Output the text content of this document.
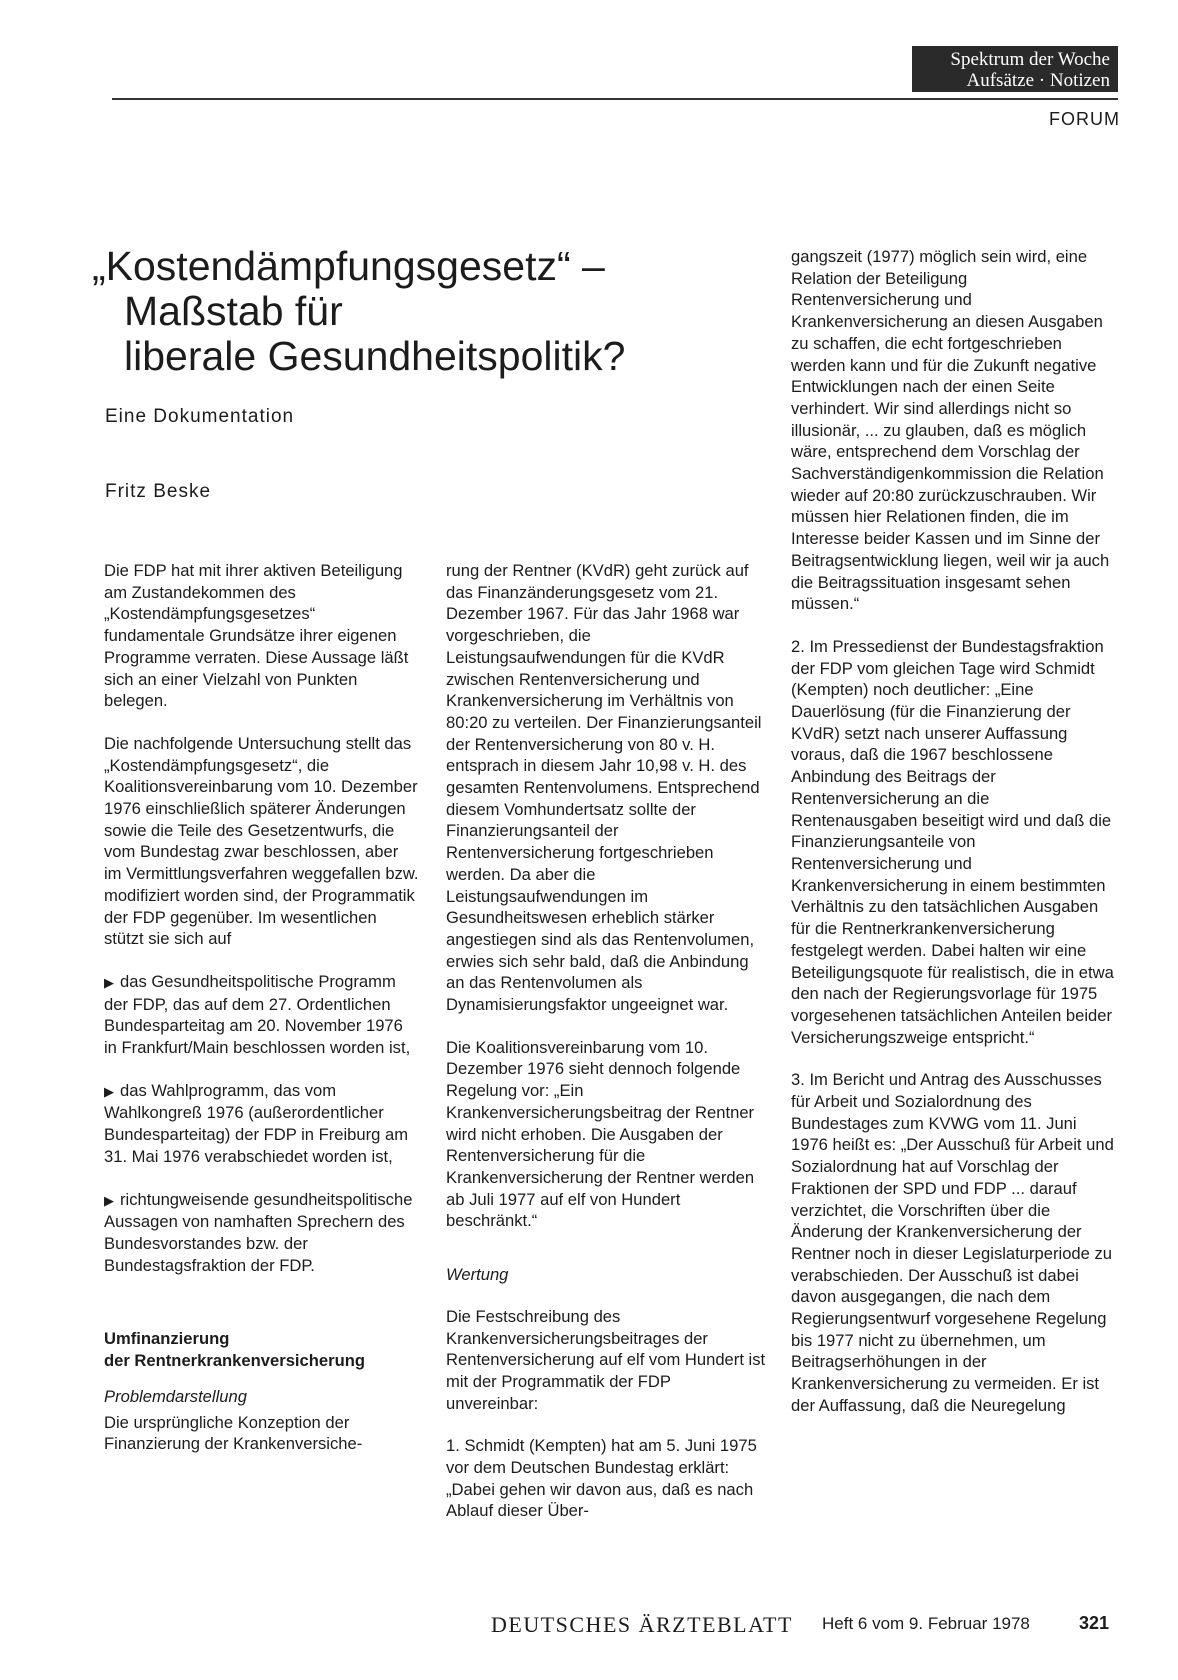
Spektrum der Woche
Aufsätze · Notizen
FORUM
„Kostendämpfungsgesetz“ –
Maßstab für
liberale Gesundheitspolitik?
Eine Dokumentation
Fritz Beske

Die FDP hat mit ihrer aktiven Beteiligung am Zustandekommen des „Kostendämpfungsgesetzes“ fundamentale Grundsätze ihrer eigenen Programme verraten. Diese Aussage läßt sich an einer Vielzahl von Punkten belegen.

Die nachfolgende Untersuchung stellt das „Kostendämpfungsgesetz“, die Koalitionsvereinbarung vom 10. Dezember 1976 einschließlich späterer Änderungen sowie die Teile des Gesetzentwurfs, die vom Bundestag zwar beschlossen, aber im Vermittlungsverfahren weggefallen bzw. modifiziert worden sind, der Programmatik der FDP gegenüber. Im wesentlichen stützt sie sich auf

▶ das Gesundheitspolitische Programm der FDP, das auf dem 27. Ordentlichen Bundesparteitag am 20. November 1976 in Frankfurt/Main beschlossen worden ist,

▶ das Wahlprogramm, das vom Wahlkongreß 1976 (außerordentlicher Bundesparteitag) der FDP in Freiburg am 31. Mai 1976 verabschiedet worden ist,

▶ richtungweisende gesundheitspolitische Aussagen von namhaften Sprechern des Bundesvorstandes bzw. der Bundestagsfraktion der FDP.

Umfinanzierung
der Rentnerkrankenversicherung
Problemdarstellung

Die ursprüngliche Konzeption der Finanzierung der Krankenversiche-

rung der Rentner (KVdR) geht zurück auf das Finanzänderungsgesetz vom 21. Dezember 1967. Für das Jahr 1968 war vorgeschrieben, die Leistungsaufwendungen für die KVdR zwischen Rentenversicherung und Krankenversicherung im Verhältnis von 80:20 zu verteilen. Der Finanzierungsanteil der Rentenversicherung von 80 v. H. entsprach in diesem Jahr 10,98 v. H. des gesamten Rentenvolumens. Entsprechend diesem Vomhundertsatz sollte der Finanzierungsanteil der Rentenversicherung fortgeschrieben werden. Da aber die Leistungsaufwendungen im Gesundheitswesen erheblich stärker angestiegen sind als das Rentenvolumen, erwies sich sehr bald, daß die Anbindung an das Rentenvolumen als Dynamisierungsfaktor ungeeignet war.

Die Koalitionsvereinbarung vom 10. Dezember 1976 sieht dennoch folgende Regelung vor: „Ein Krankenversicherungsbeitrag der Rentner wird nicht erhoben. Die Ausgaben der Rentenversicherung für die Krankenversicherung der Rentner werden ab Juli 1977 auf elf von Hundert beschränkt.“

Wertung

Die Festschreibung des Krankenversicherungsbeitrages der Rentenversicherung auf elf vom Hundert ist mit der Programmatik der FDP unvereinbar:

1. Schmidt (Kempten) hat am 5. Juni 1975 vor dem Deutschen Bundestag erklärt: „Dabei gehen wir davon aus, daß es nach Ablauf dieser Über-

gangszeit (1977) möglich sein wird, eine Relation der Beteiligung Rentenversicherung und Krankenversicherung an diesen Ausgaben zu schaffen, die echt fortgeschrieben werden kann und für die Zukunft negative Entwicklungen nach der einen Seite verhindert. Wir sind allerdings nicht so illusionär, ... zu glauben, daß es möglich wäre, entsprechend dem Vorschlag der Sachverständigenkommission die Relation wieder auf 20:80 zurückzuschrauben. Wir müssen hier Relationen finden, die im Interesse beider Kassen und im Sinne der Beitragsentwicklung liegen, weil wir ja auch die Beitragssituation insgesamt sehen müssen.“

2. Im Pressedienst der Bundestagsfraktion der FDP vom gleichen Tage wird Schmidt (Kempten) noch deutlicher: „Eine Dauerlösung (für die Finanzierung der KVdR) setzt nach unserer Auffassung voraus, daß die 1967 beschlossene Anbindung des Beitrags der Rentenversicherung an die Rentenausgaben beseitigt wird und daß die Finanzierungsanteile von Rentenversicherung und Krankenversicherung in einem bestimmten Verhältnis zu den tatsächlichen Ausgaben für die Rentnerkrankenversicherung festgelegt werden. Dabei halten wir eine Beteiligungsquote für realistisch, die in etwa den nach der Regierungsvorlage für 1975 vorgesehenen tatsächlichen Anteilen beider Versicherungszweige entspricht.“

3. Im Bericht und Antrag des Ausschusses für Arbeit und Sozialordnung des Bundestages zum KVWG vom 11. Juni 1976 heißt es: „Der Ausschuß für Arbeit und Sozialordnung hat auf Vorschlag der Fraktionen der SPD und FDP ... darauf verzichtet, die Vorschriften über die Änderung der Krankenversicherung der Rentner noch in dieser Legislaturperiode zu verabschieden. Der Ausschuß ist dabei davon ausgegangen, die nach dem Regierungsentwurf vorgesehene Regelung bis 1977 nicht zu übernehmen, um Beitragserhöhungen in der Krankenversicherung zu vermeiden. Er ist der Auffassung, daß die Neuregelung

DEUTSCHES ÄRZTEBLATT Heft 6 vom 9. Februar 1978	321
